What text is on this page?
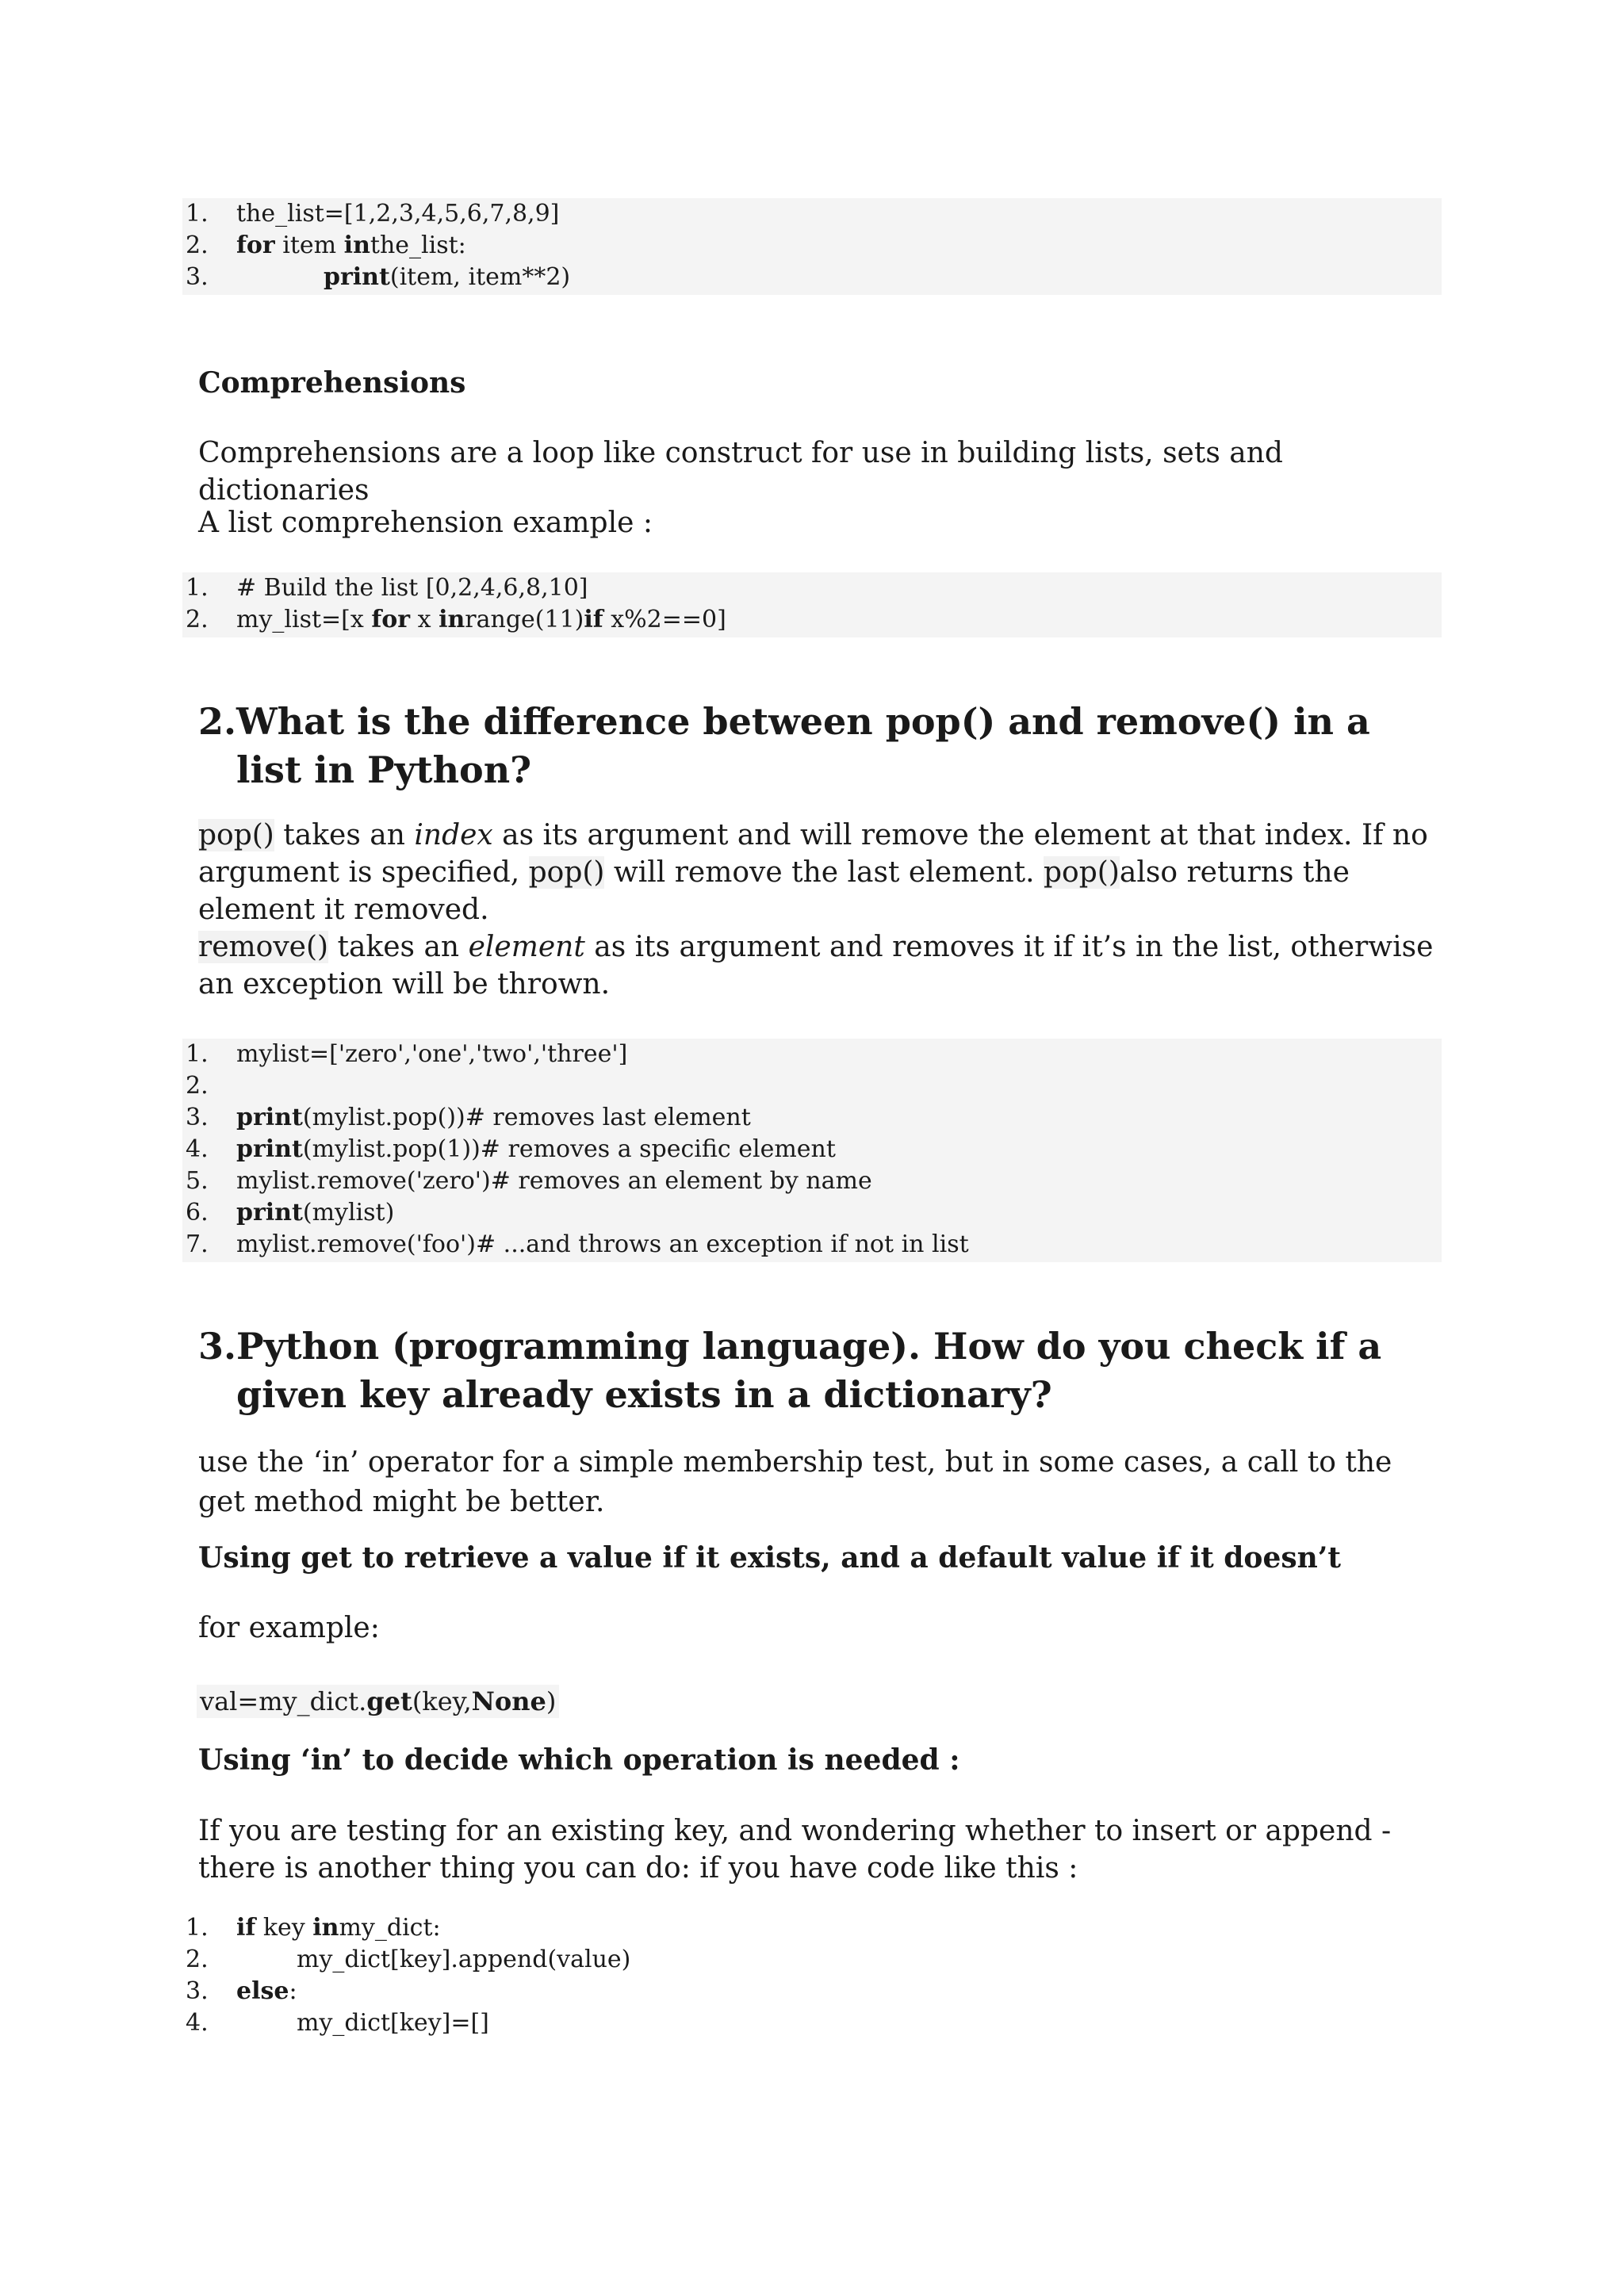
1.

the_list=[1,2,3,4,5,6,7,8,9]

2.

for item inthe_list:

3.

	print(item, item**2)

Comprehensions

Comprehensions are a loop like construct for use in building lists, sets and dictionaries

A list comprehension example :

1.

# Build the list [0,2,4,6,8,10]

2.

my_list=[x for x inrange(11)if x%2==0]

2. What is the difference between pop() and remove() in a list in Python?

pop() takes an index as its argument and will remove the element at that index. If no argument is specified, pop() will remove the last element. pop()also returns the element it removed.
remove() takes an element as its argument and removes it if it’s in the list, otherwise an exception will be thrown.

1.

mylist=['zero','one','two','three']

2.

3.

print(mylist.pop())# removes last element

4.

print(mylist.pop(1))# removes a specific element

5.

mylist.remove('zero')# removes an element by name

6.

print(mylist)

7.

mylist.remove('foo')# ...and throws an exception if not in list

3. Python (programming language). How do you check if a given key already exists in a dictionary?

use the ‘in’ operator for a simple membership test, but in some cases, a call to the get method might be better.

Using get to retrieve a value if it exists, and a default value if it doesn’t

for example:

val=my_dict.get(key,None)

Using ‘in’ to decide which operation is needed :

If you are testing for an existing key, and wondering whether to insert or append - there is another thing you can do: if you have code like this :

1.

if key inmy_dict:

2.

	my_dict[key].append(value)

3.

else:

4.

	my_dict[key]=[]
